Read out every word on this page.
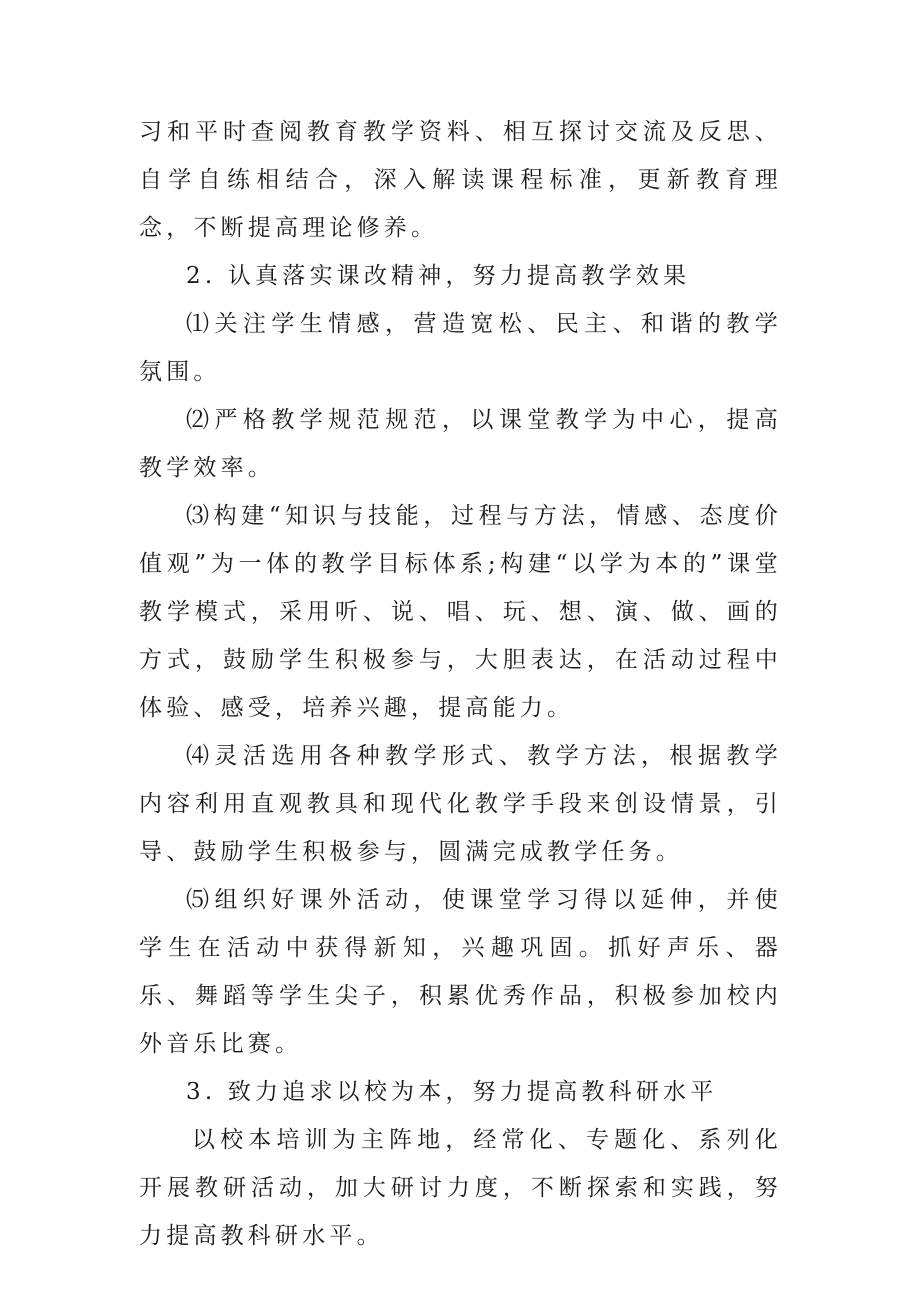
习和平时查阅教育教学资料、相互探讨交流及反思、自学自练相结合，深入解读课程标准，更新教育理念，不断提高理论修养。

2. 认真落实课改精神，努力提高教学效果

⑴关注学生情感，营造宽松、民主、和谐的教学氛围。

⑵严格教学规范规范，以课堂教学为中心，提高教学效率。

⑶构建“知识与技能，过程与方法，情感、态度价值观”为一体的教学目标体系;构建“以学为本的”课堂教学模式，采用听、说、唱、玩、想、演、做、画的方式，鼓励学生积极参与，大胆表达，在活动过程中体验、感受，培养兴趣，提高能力。

⑷灵活选用各种教学形式、教学方法，根据教学内容利用直观教具和现代化教学手段来创设情景，引导、鼓励学生积极参与，圆满完成教学任务。

⑸组织好课外活动，使课堂学习得以延伸，并使学生在活动中获得新知，兴趣巩固。抓好声乐、器乐、舞蹈等学生尖子，积累优秀作品，积极参加校内外音乐比赛。

3. 致力追求以校为本，努力提高教科研水平

以校本培训为主阵地，经常化、专题化、系列化开展教研活动，加大研讨力度，不断探索和实践，努力提高教科研水平。
